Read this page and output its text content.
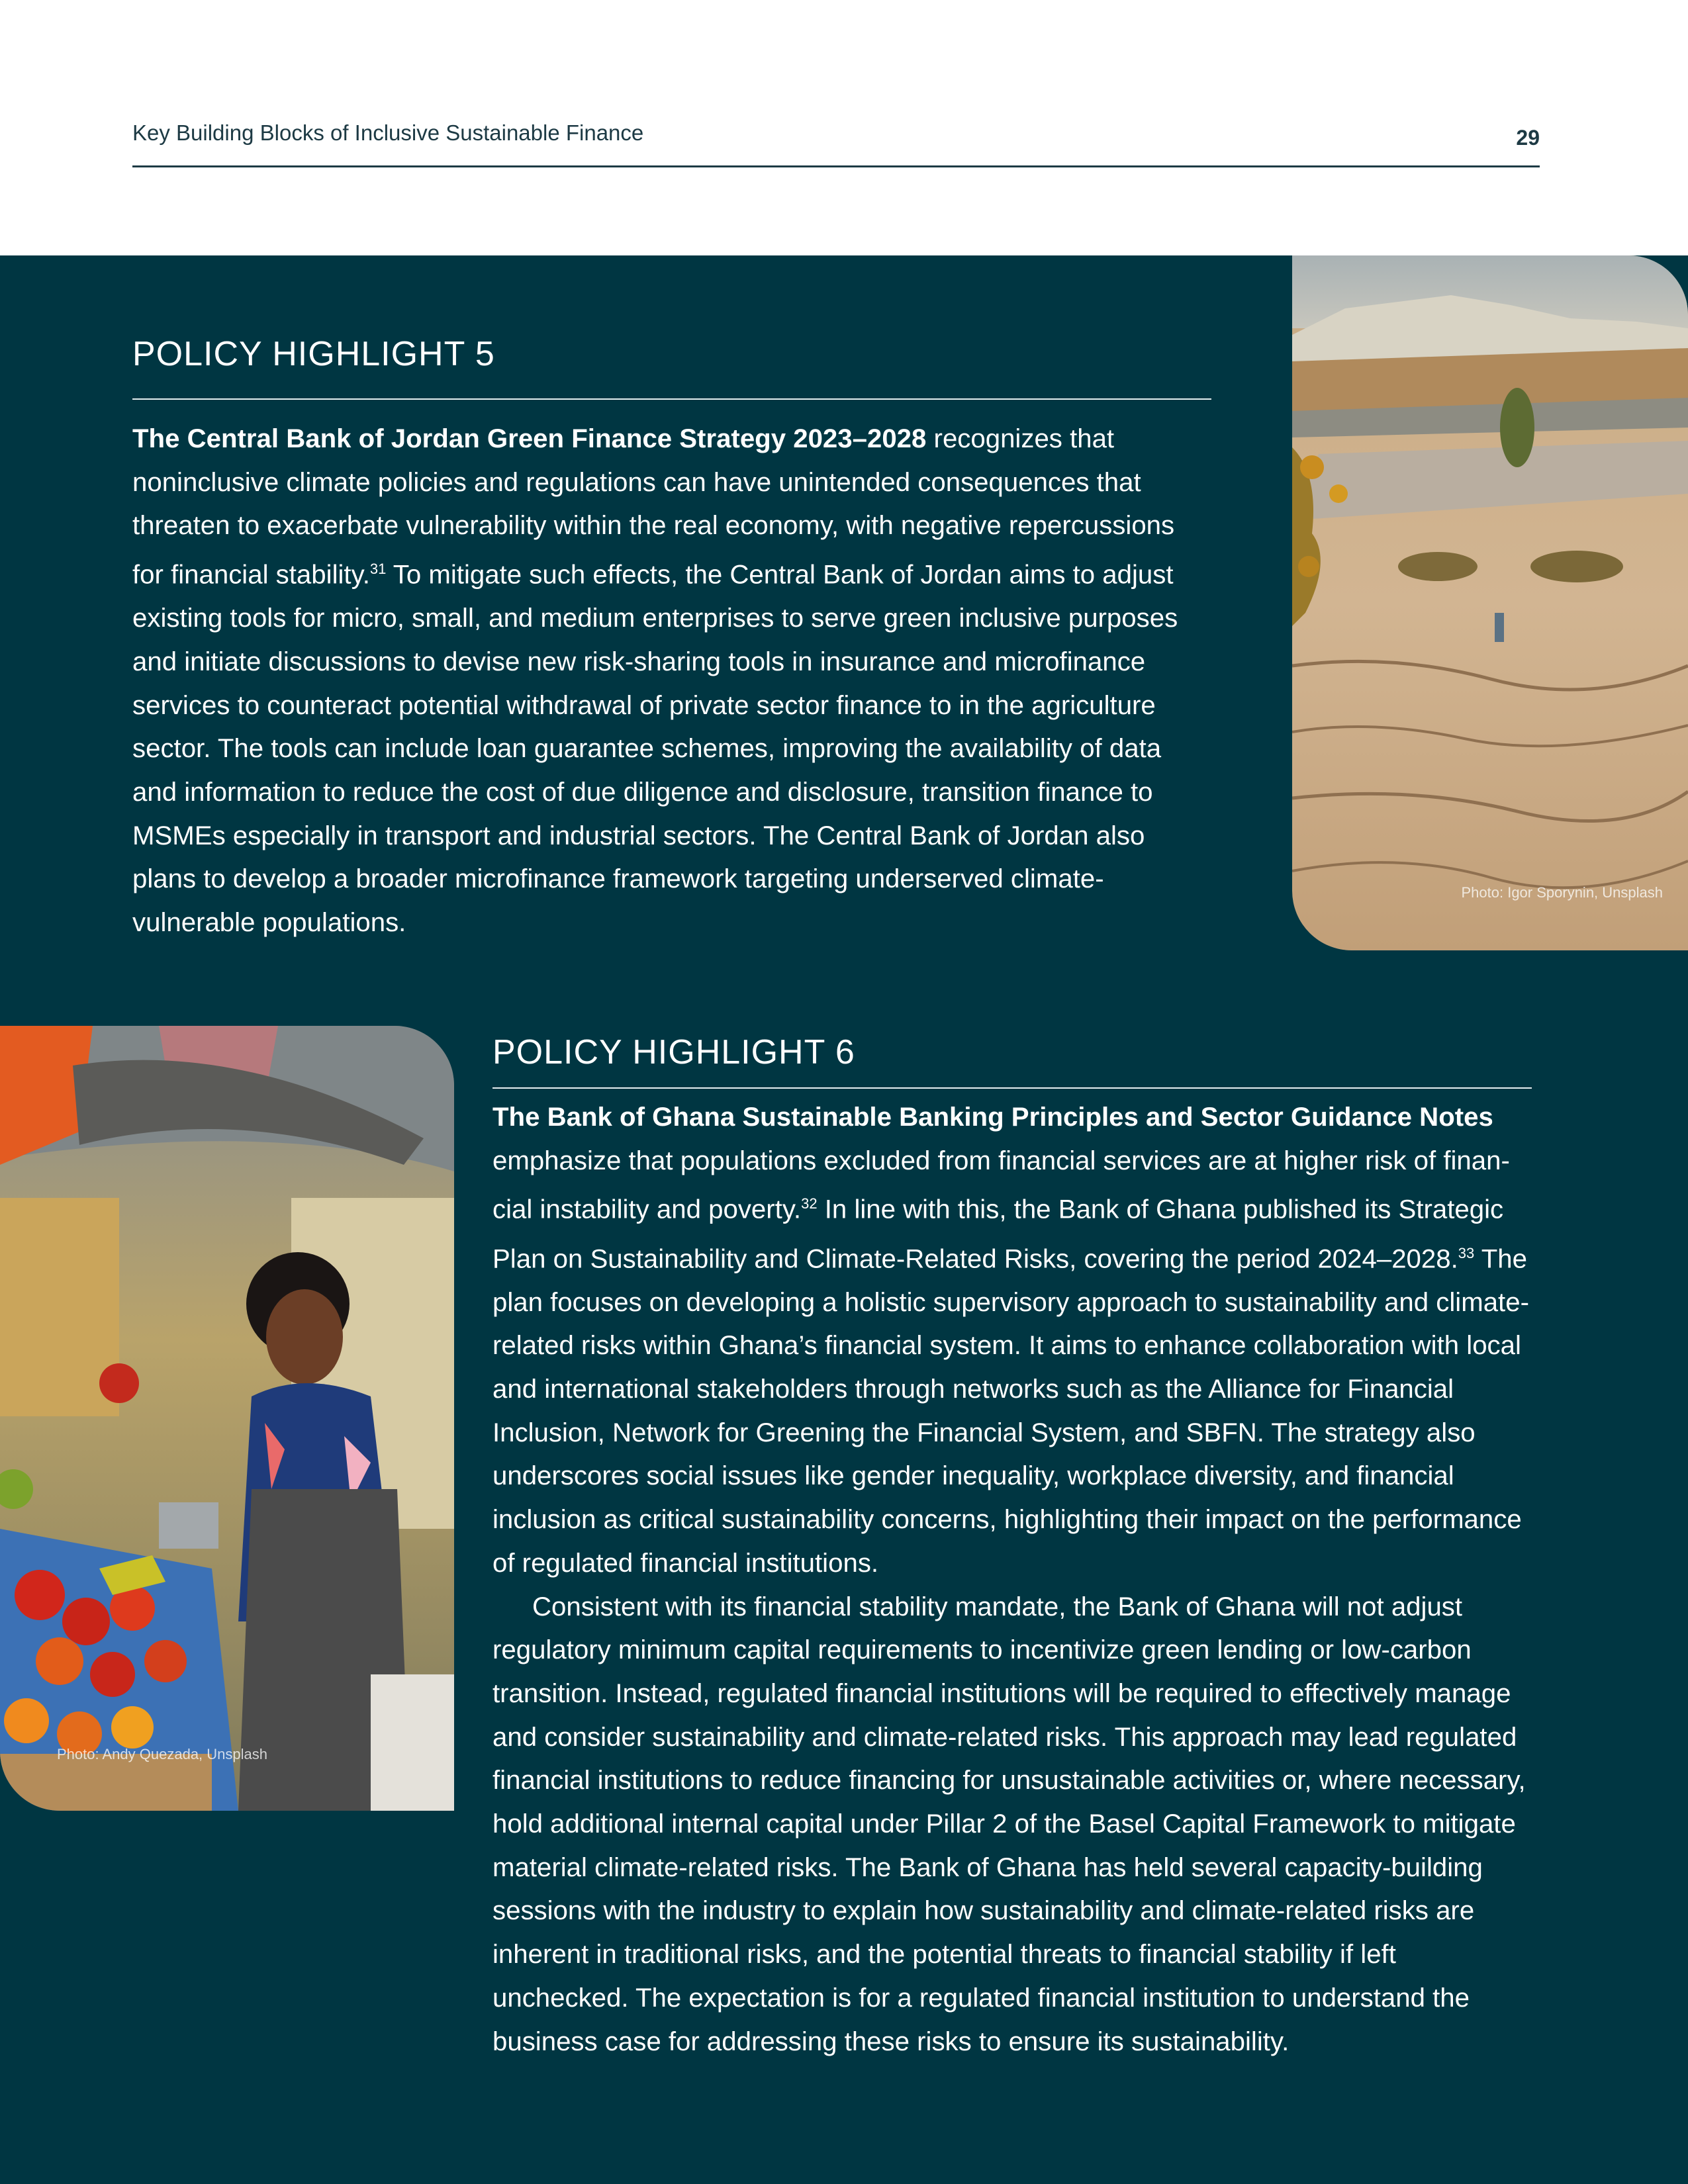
Key Building Blocks of Inclusive Sustainable Finance	29
Photo: Igor Sporynin, Unsplash
POLICY HIGHLIGHT 5

The Central Bank of Jordan Green Finance Strategy 2023–2028 recognizes that noninclusive climate policies and regulations can have unintended consequences that threaten to exacerbate vulnerability within the real economy, with negative repercussions for financial stability.$^{31}$ To mitigate such effects, the Central Bank of Jordan aims to adjust existing tools for micro, small, and medium enterprises to serve green inclusive purposes and initiate discussions to devise new risk-sharing tools in insurance and microfinance services to counteract potential withdrawal of private sector finance to in the agriculture sector. The tools can include loan guarantee schemes, improving the availability of data and information to reduce the cost of due diligence and disclosure, transition finance to MSMEs especially in transport and industrial sectors. The Central Bank of Jordan also plans to develop a broader microfinance framework targeting underserved climate-vulnerable populations.

Photo: Andy Quezada, Unsplash
POLICY HIGHLIGHT 6

The Bank of Ghana Sustainable Banking Principles and Sector Guidance Notes emphasize that populations excluded from financial services are at higher risk of financial instability and poverty.$^{32}$ In line with this, the Bank of Ghana published its Strategic Plan on Sustainability and Climate-Related Risks, covering the period 2024–2028.33 The plan focuses on developing a holistic supervisory approach to sustainability and climate-related risks within Ghana’s financial system. It aims to enhance collaboration with local and international stakeholders through networks such as the Alliance for Financial Inclusion, Network for Greening the Financial System, and SBFN. The strategy also underscores social issues like gender inequality, workplace diversity, and financial inclusion as critical sustainability concerns, highlighting their impact on the performance of regulated financial institutions.

Consistent with its financial stability mandate, the Bank of Ghana will not adjust regulatory minimum capital requirements to incentivize green lending or low-carbon transition. Instead, regulated financial institutions will be required to effectively manage and consider sustainability and climate-related risks. This approach may lead regulated financial institutions to reduce financing for unsustainable activities or, where necessary, hold additional internal capital under Pillar 2 of the Basel Capital Framework to mitigate material climate-related risks. The Bank of Ghana has held several capacity-building sessions with the industry to explain how sustainability and climate-related risks are inherent in traditional risks, and the potential threats to financial stability if left unchecked. The expectation is for a regulated financial institution to understand the business case for addressing these risks to ensure its sustainability.
